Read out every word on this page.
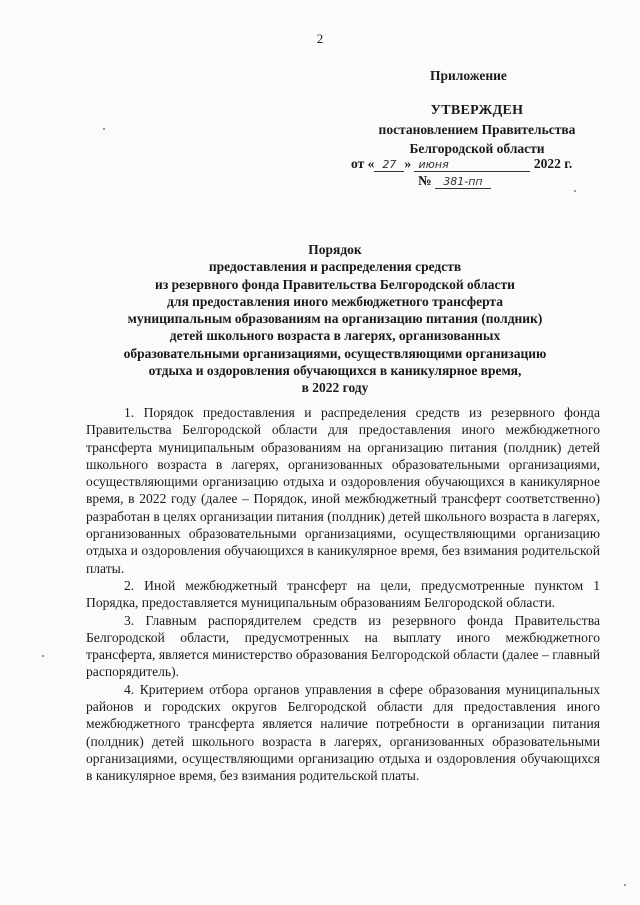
2
Приложение
УТВЕРЖДЕН
постановлением Правительства
Белгородской области
от « 27 » июня	2022 г.
№ 381-пп
Порядок
предоставления и распределения средств
из резервного фонда Правительства Белгородской области
для предоставления иного межбюджетного трансферта
муниципальным образованиям на организацию питания (полдник)
детей школьного возраста в лагерях, организованных
образовательными организациями, осуществляющими организацию
отдыха и оздоровления обучающихся в каникулярное время,
в 2022 году

1. Порядок предоставления и распределения средств из резервного фонда Правительства Белгородской области для предоставления иного межбюджетного трансферта муниципальным образованиям на организацию питания (полдник) детей школьного возраста в лагерях, организованных образовательными организациями, осуществляющими организацию отдыха и оздоровления обучающихся в каникулярное время, в 2022 году (далее – Порядок, иной межбюджетный трансферт соответственно) разработан в целях организации питания (полдник) детей школьного возраста в лагерях, организованных образовательными организациями, осуществляющими организацию отдыха и оздоровления обучающихся в каникулярное время, без взимания родительской платы.

2. Иной межбюджетный трансферт на цели, предусмотренные пунктом 1 Порядка, предоставляется муниципальным образованиям Белгородской области.

3. Главным распорядителем средств из резервного фонда Правительства Белгородской области, предусмотренных на выплату иного межбюджетного трансферта, является министерство образования Белгородской области (далее – главный распорядитель).

4. Критерием отбора органов управления в сфере образования муниципальных районов и городских округов Белгородской области для предоставления иного межбюджетного трансферта является наличие потребности в организации питания (полдник) детей школьного возраста в лагерях, организованных образовательными организациями, осуществляющими организацию отдыха и оздоровления обучающихся в каникулярное время, без взимания родительской платы.
